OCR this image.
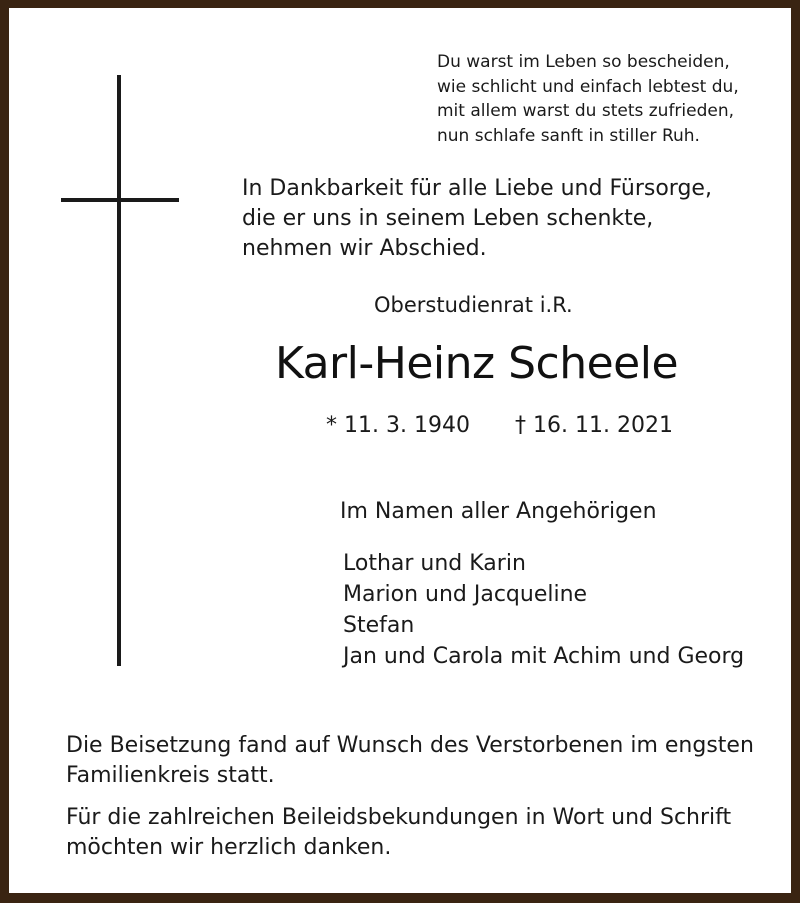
Du warst im Leben so bescheiden,
wie schlicht und einfach lebtest du,
mit allem warst du stets zufrieden,
nun schlafe sanft in stiller Ruh.
In Dankbarkeit für alle Liebe und Fürsorge,
die er uns in seinem Leben schenkte,
nehmen wir Abschied.
Oberstudienrat i.R.
Karl-Heinz Scheele
* 11. 3. 1940 † 16. 11. 2021
Im Namen aller Angehörigen
Lothar und Karin
Marion und Jacqueline
Stefan
Jan und Carola mit Achim und Georg
Die Beisetzung fand auf Wunsch des Verstorbenen im engsten
Familienkreis statt.
Für die zahlreichen Beileidsbekundungen in Wort und Schrift
möchten wir herzlich danken.
